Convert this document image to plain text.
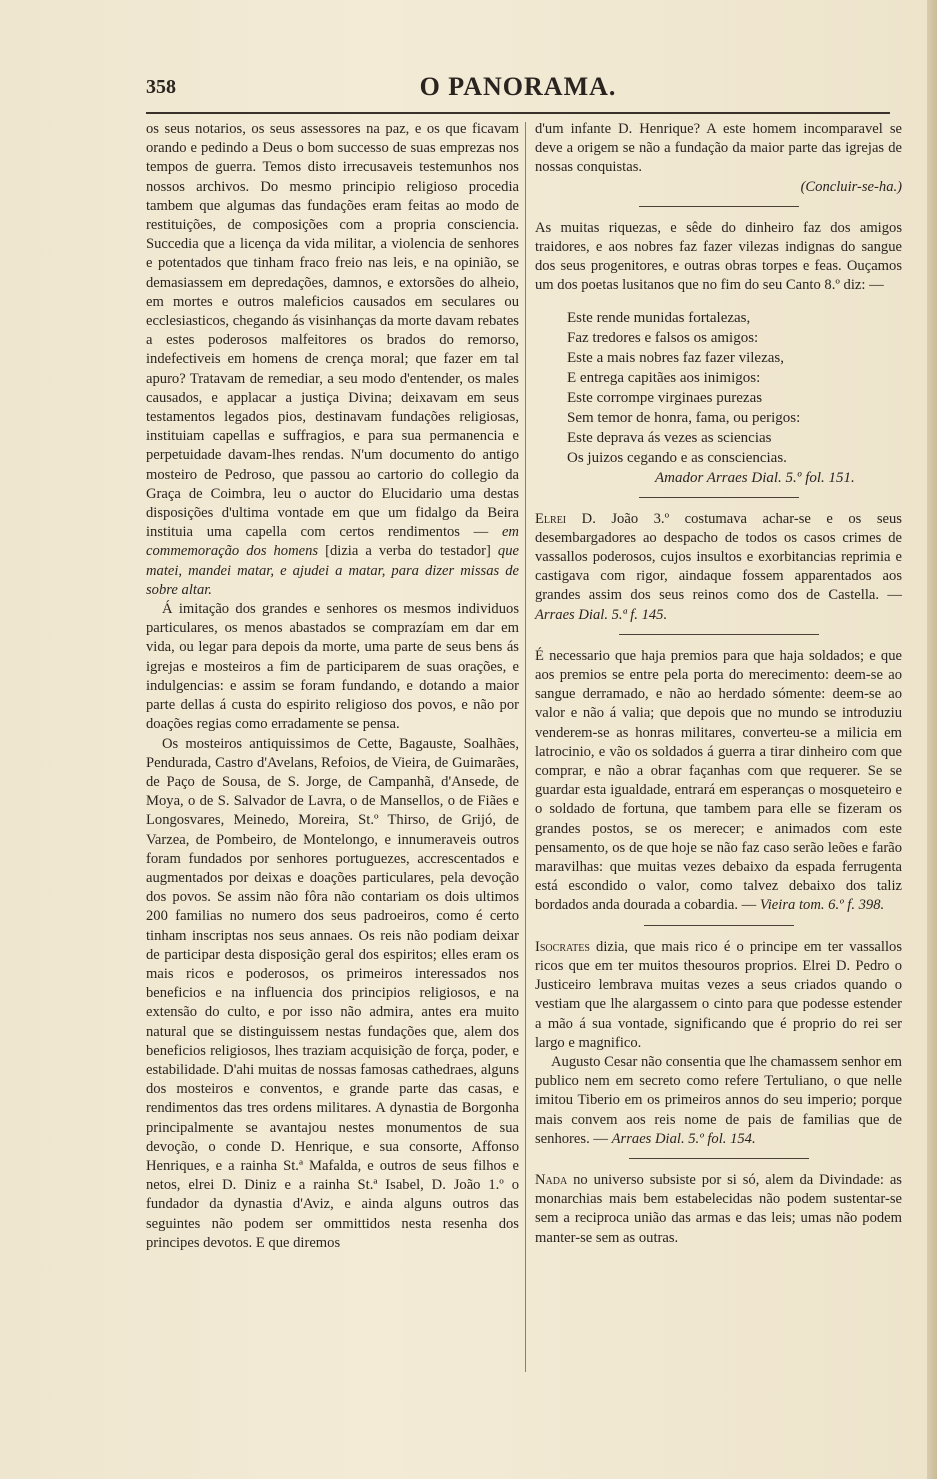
358	O PANORAMA.

os seus notarios, os seus assessores na paz, e os que ficavam orando e pedindo a Deus o bom successo de suas emprezas nos tempos de guerra. Temos disto irrecusaveis testemunhos nos nossos archivos. Do mesmo principio religioso procedia tambem que algumas das fundações eram feitas ao modo de restituições, de composições com a propria consciencia. Succedia que a licença da vida militar, a violencia de senhores e potentados que tinham fraco freio nas leis, e na opinião, se demasiassem em depredações, damnos, e extorsões do alheio, em mortes e outros maleficios causados em seculares ou ecclesiasticos, chegando ás visinhanças da morte davam rebates a estes poderosos malfeitores os brados do remorso, indefectiveis em homens de crença moral; que fazer em tal apuro? Tratavam de remediar, a seu modo d'entender, os males causados, e applacar a justiça Divina; deixavam em seus testamentos legados pios, destinavam fundações religiosas, instituiam capellas e suffragios, e para sua permanencia e perpetuidade davam-lhes rendas. N'um documento do antigo mosteiro de Pedroso, que passou ao cartorio do collegio da Graça de Coimbra, leu o auctor do Elucidario uma destas disposições d'ultima vontade em que um fidalgo da Beira instituia uma capella com certos rendimentos — em commemoração dos homens [dizia a verba do testador] que matei, mandei matar, e ajudei a matar, para dizer missas de sobre altar.

Á imitação dos grandes e senhores os mesmos individuos particulares, os menos abastados se comprazíam em dar em vida, ou legar para depois da morte, uma parte de seus bens ás igrejas e mosteiros a fim de participarem de suas orações, e indulgencias: e assim se foram fundando, e dotando a maior parte dellas á custa do espirito religioso dos povos, e não por doações regias como erradamente se pensa.

Os mosteiros antiquissimos de Cette, Bagauste, Soalhães, Pendurada, Castro d'Avelans, Refoios, de Vieira, de Guimarães, de Paço de Sousa, de S. Jorge, de Campanhã, d'Ansede, de Moya, o de S. Salvador de Lavra, o de Mansellos, o de Fiães e Longosvares, Meinedo, Moreira, St.º Thirso, de Grijó, de Varzea, de Pombeiro, de Montelongo, e innumeraveis outros foram fundados por senhores portuguezes, accrescentados e augmentados por deixas e doações particulares, pela devoção dos povos. Se assim não fôra não contariam os dois ultimos 200 familias no numero dos seus padroeiros, como é certo tinham inscriptas nos seus annaes. Os reis não podiam deixar de participar desta disposição geral dos espiritos; elles eram os mais ricos e poderosos, os primeiros interessados nos beneficios e na influencia dos principios religiosos, e na extensão do culto, e por isso não admira, antes era muito natural que se distinguissem nestas fundações que, alem dos beneficios religiosos, lhes traziam acquisição de força, poder, e estabilidade. D'ahi muitas de nossas famosas cathedraes, alguns dos mosteiros e conventos, e grande parte das casas, e rendimentos das tres ordens militares. A dynastia de Borgonha principalmente se avantajou nestes monumentos de sua devoção, o conde D. Henrique, e sua consorte, Affonso Henriques, e a rainha St.ª Mafalda, e outros de seus filhos e netos, elrei D. Diniz e a rainha St.ª Isabel, D. João 1.º o fundador da dynastia d'Aviz, e ainda alguns outros das seguintes não podem ser ommittidos nesta resenha dos principes devotos. E que diremos

d'um infante D. Henrique? A este homem incomparavel se deve a origem se não a fundação da maior parte das igrejas de nossas conquistas.

(Concluir-se-ha.)

As muitas riquezas, e sêde do dinheiro faz dos amigos traidores, e aos nobres faz fazer vilezas indignas do sangue dos seus progenitores, e outras obras torpes e feas. Ouçamos um dos poetas lusitanos que no fim do seu Canto 8.º diz: —

Este rende munidas fortalezas,
Faz tredores e falsos os amigos:
Este a mais nobres faz fazer vilezas,
E entrega capitães aos inimigos:
Este corrompe virginaes purezas
Sem temor de honra, fama, ou perigos:
Este deprava ás vezes as sciencias
Os juizos cegando e as consciencias.
Amador Arraes Dial. 5.º fol. 151.

Elrei D. João 3.º costumava achar-se e os seus desembargadores ao despacho de todos os casos crimes de vassallos poderosos, cujos insultos e exorbitancias reprimia e castigava com rigor, aindaque fossem apparentados aos grandes assim dos seus reinos como dos de Castella. — Arraes Dial. 5.ª f. 145.

É necessario que haja premios para que haja soldados; e que aos premios se entre pela porta do merecimento: deem-se ao sangue derramado, e não ao herdado sómente: deem-se ao valor e não á valia; que depois que no mundo se introduziu venderem-se as honras militares, converteu-se a milicia em latrocinio, e vão os soldados á guerra a tirar dinheiro com que comprar, e não a obrar façanhas com que requerer. Se se guardar esta igualdade, entrará em esperanças o mosqueteiro e o soldado de fortuna, que tambem para elle se fizeram os grandes postos, se os merecer; e animados com este pensamento, os de que hoje se não faz caso serão leões e farão maravilhas: que muitas vezes debaixo da espada ferrugenta está escondido o valor, como talvez debaixo dos taliz bordados anda dourada a cobardia. — Vieira tom. 6.º f. 398.

Isocrates dizia, que mais rico é o principe em ter vassallos ricos que em ter muitos thesouros proprios. Elrei D. Pedro o Justiceiro lembrava muitas vezes a seus criados quando o vestiam que lhe alargassem o cinto para que podesse estender a mão á sua vontade, significando que é proprio do rei ser largo e magnifico.

Augusto Cesar não consentia que lhe chamassem senhor em publico nem em secreto como refere Tertuliano, o que nelle imitou Tiberio em os primeiros annos do seu imperio; porque mais convem aos reis nome de pais de familias que de senhores. — Arraes Dial. 5.º fol. 154.

Nada no universo subsiste por si só, alem da Divindade: as monarchias mais bem estabelecidas não podem sustentar-se sem a reciproca união das armas e das leis; umas não podem manter-se sem as outras.
